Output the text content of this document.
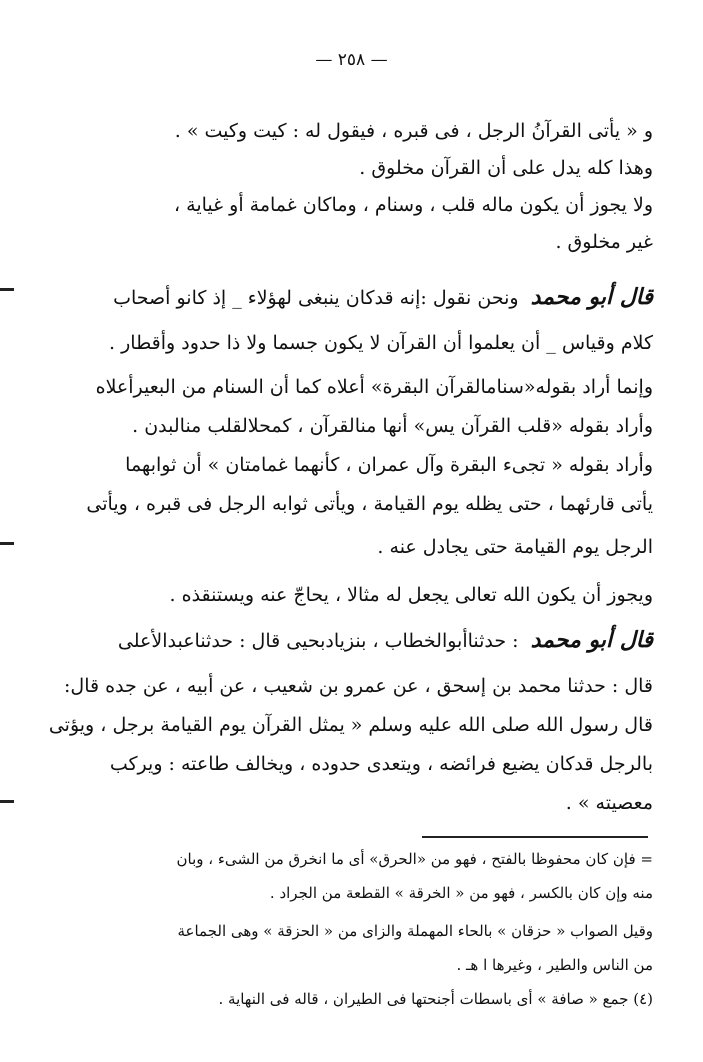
— ٢٥٨ —
و « يأتى القرآنُ الرجل ، فى قبره ، فيقول له : كيت وكيت » .
وهذا كله يدل على أن القرآن مخلوق .
ولا يجوز أن يكون ماله قلب ، وسنام ، وماكان غمامة أو غياية ،
غير مخلوق .
قال أبو محمد ونحن نقول :إنه قدكان ينبغى لهؤلاء _ إذ كانو أصحاب
كلام وقياس _ أن يعلموا أن القرآن لا يكون جسما ولا ذا حدود وأقطار .
وإنما أراد بقوله«سنامالقرآن البقرة» أعلاه كما أن السنام من البعيرأعلاه
وأراد بقوله «قلب القرآن يس» أنها منالقرآن ، كمحلالقلب منالبدن .
وأراد بقوله « تجىء البقرة وآل عمران ، كأنهما غمامتان » أن ثوابهما
يأتى قارئهما ، حتى يظله يوم القيامة ، ويأتى ثوابه الرجل فى قبره ، ويأتى
الرجل يوم القيامة حتى يجادل عنه .
ويجوز أن يكون الله تعالى يجعل له مثالا ، يحاجّ عنه ويستنقذه .
قال أبو محمد : حدثناأبوالخطاب ، بنزيادبحيى قال : حدثناعبدالأعلى
قال : حدثنا محمد بن إسحق ، عن عمرو بن شعيب ، عن أبيه ، عن جده قال:
قال رسول الله صلى الله عليه وسلم « يمثل القرآن يوم القيامة برجل ، ويؤتى
بالرجل قدكان يضيع فرائضه ، ويتعدى حدوده ، ويخالف طاعته : ويركب
معصيته » .
= فإن كان محفوظا بالفتح ، فهو من «الحرق» أى ما انخرق من الشىء ، وبان
منه وإن كان بالكسر ، فهو من « الخرقة » القطعة من الجراد .
وقيل الصواب « حزقان » بالحاء المهملة والزاى من « الحزقة » وهى الجماعة
من الناس والطير ، وغيرها ا هـ .
(٤) جمع « صافة » أى باسطات أجنحتها فى الطيران ، قاله فى النهاية .
